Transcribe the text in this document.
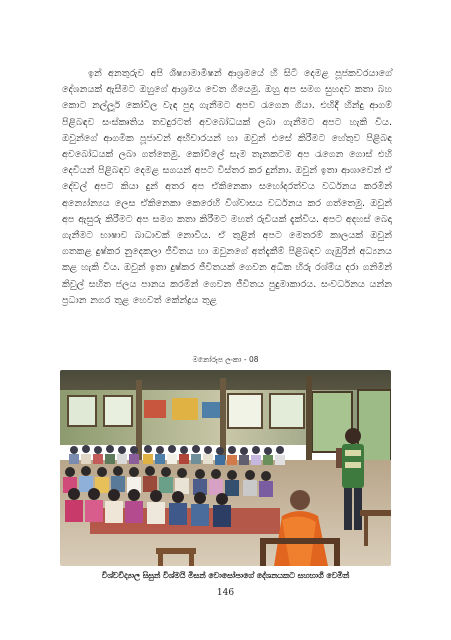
ඉන් අනතුරුව අපි ශිෂ්‍යාමාමිෂන් ආශ්‍රමයේ හි සිටි දෙමළ පූජකවරයාගේ දේශනයක් ඇසීමට ඔහුගේ ආශ්‍රමය වෙත ගියෙමු. ඔහු අප සමග සුහදව කතා බහ කොට නල්ලූර් කෝවිල වැඳ පුදා ගැනීමට අපව රැගෙන ගියා. එහිදී හින්දු ආගම් පිළිබඳව සංස්කෘතිය තවදුරටත් අවබෝධයක් ලබා ගැනීමට අපට හැකි විය. ඔවුන්ගේ ආගමික පූජාවන් අභිචාරයන් හා ඔවුන් එසේ කිරීමට හේතුව පිළිබඳ අවබෝධයක් ලබා ගත්තෙමු. කෝවිලේ සැම තැනකටම අප රැගෙන ගොස් එහි දෙවියන් පිළිබඳව දෙමළ සගයන් අපට විස්තර කර දුන්නා. ඔවුන් ඉතා ආශාවෙන් ඒ දේවල් අපට කියා දුන් අතර අප ඒකිනෙකා සහෝදරත්වය වර්ධනය කරමින් අන්‍යෝන්‍යය ලෙස ඒකිනෙකා කෙරෙහි විශ්වාසය වර්ධනය කර ගත්තෙමු. ඔවුන් අප ඇසුරු කිරීමට අප සමග කතා කිරීමට මහත් රුචියක් දැක්වීය. අපට අදහස් බෙදා ගැනීමට භාෂාව බාධාවක් නොවීය. ඒ තුළින් අපට මෙතරම් කාලයක් ඔවුන් ගතකළ දුෂ්කර නුදෙකලා ජීවිතය හා ඔවුනගේ අත්දැකීම් පිළිබඳව ගැඹුරින් අධ්‍යනය කළ හැකි විය. ඔවුන් ඉතා දුෂ්කර ජීවිතයක් ගෙවන අධික හිරු රශ්මිය දරා ගනිමින් කිවුල් සහිත ජලය පානය කරමින් ගෙවන ජීවිතය පුදුමාකාරය. සංවර්ධනය යන්න ප්‍රධාන නගර තුළ හෙවත් කේන්ද්‍රය තුළ

මනෝරූප ලංකා - 08
විශ්වවිද්‍යාල සිසුන් විශ්මයි මිසන් වොසෝපාගේ දේශනයකට සහභාගී වෙමින්
146
